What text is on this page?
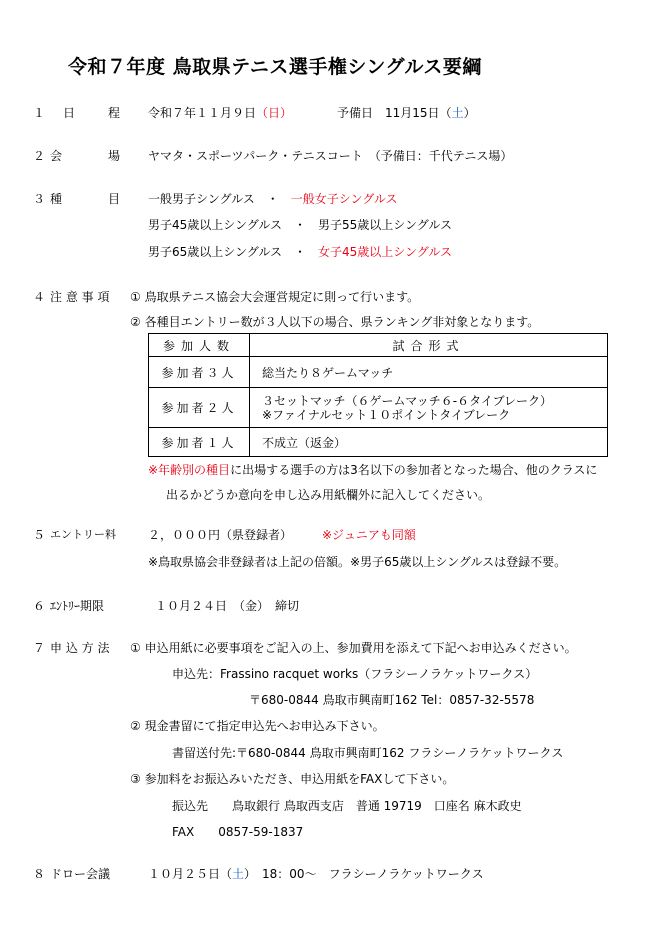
令和７年度 鳥取県テニス選手権シングルス要綱
１ 日	程 令和７年１１月９日（日）	予備日　11月15日（土）
２ 会	場 ヤマタ・スポーツパーク・テニスコート　（予備日：千代テニス場）
３ 種	目 一般男子シングルス　・　一般女子シングルス
男子45歳以上シングルス　・　男子55歳以上シングルス
男子65歳以上シングルス　・　女子45歳以上シングルス
４ 注 意 事 項 ① 鳥取県テニス協会大会運営規定に則って行います。
② 各種目エントリー数が３人以下の場合、県ランキング非対象となります。
参加人数	試合形式
参加者３人	総当たり８ゲームマッチ
参加者２人	３セットマッチ（６ゲームマッチ６-６タイブレーク）
※ファイナルセット１０ポイントタイブレーク

参加者１人	不成立（返金）
※年齢別の種目に出場する選手の方は3名以下の参加者となった場合、他のクラスに
出るかどうか意向を申し込み用紙欄外に記入してください。
５ エントリー料	２，０００円（県登録者） ※ジュニアも同額
※鳥取県協会非登録者は上記の倍額。※男子65歳以上シングルスは登録不要。
６ ｴﾝﾄﾘｰ期限	１０月２４日　（金）　締切
７ 申 込 方 法 ① 申込用紙に必要事項をご記入の上、参加費用を添えて下記へお申込みください。
申込先：Frassino racquet works（フラシーノラケットワークス）
〒680-0844 鳥取市興南町162 Tel：0857-32-5578
② 現金書留にて指定申込先へお申込み下さい。
書留送付先:〒680-0844 鳥取市興南町162 フラシーノラケットワークス
③ 参加料をお振込みいただき、申込用紙をFAXして下さい。
振込先　　鳥取銀行 鳥取西支店　普通 19719　口座名 麻木政史
FAX　　0857-59-1837
８ ドロー会議	１０月２５日（土）　18：00～　フラシーノラケットワークス
